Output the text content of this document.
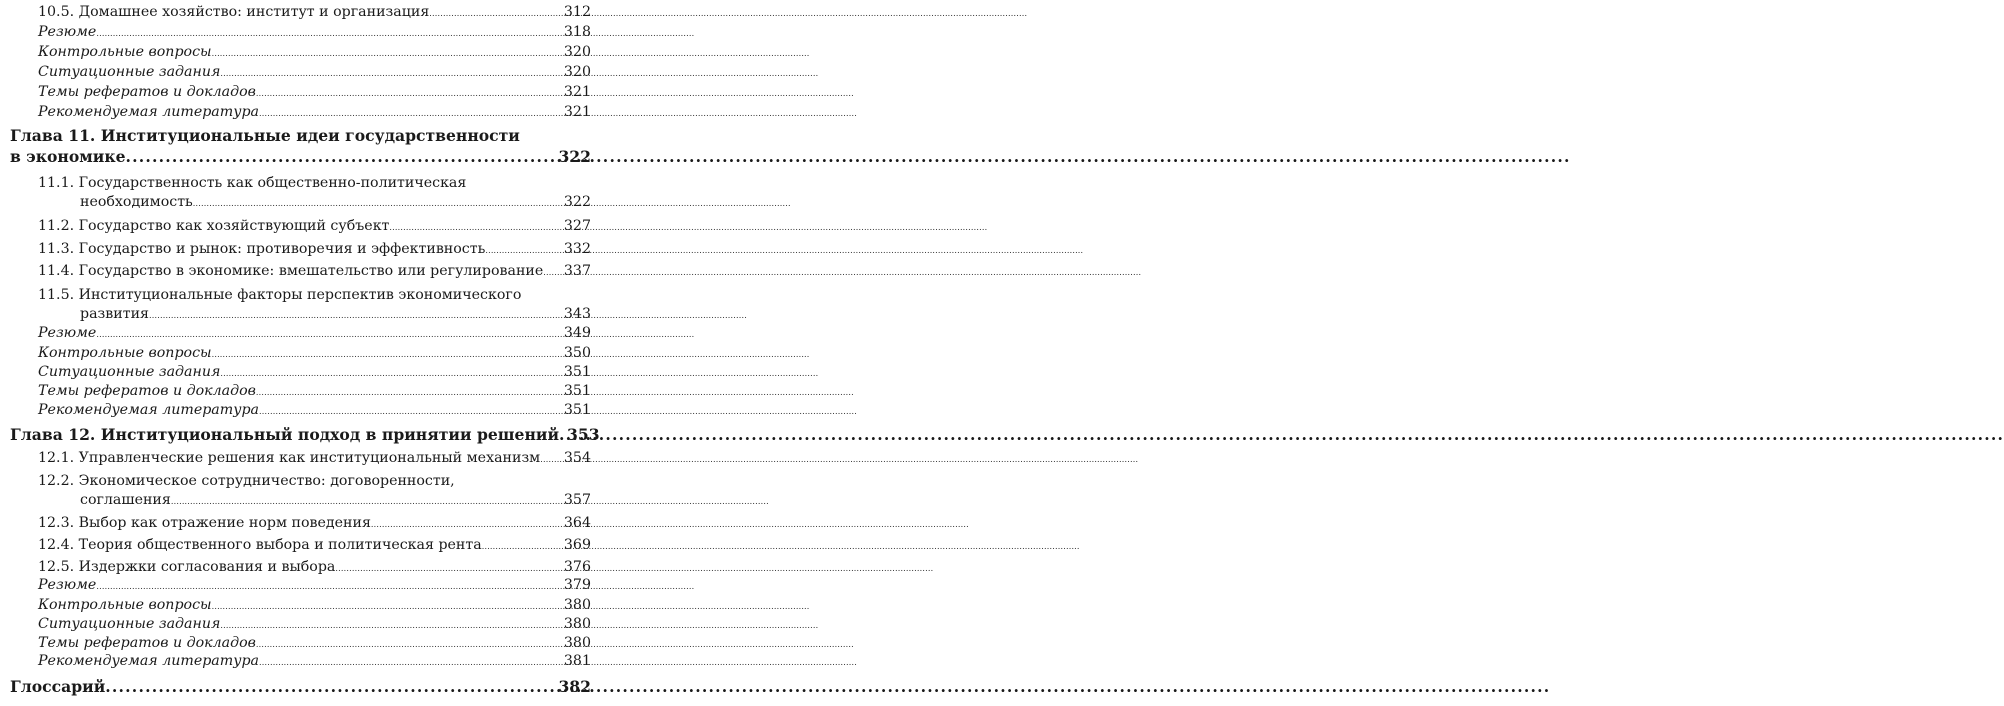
10.5. Домашнее хозяйство: институт и организация .....	312
Резюме .....	318
Контрольные вопросы .....	320
Ситуационные задания .....	320
Темы рефератов и докладов .....	321
Рекомендуемая литература .....	321
Глава 11. Институциональные идеи государственности
в экономике .....	322
11.1. Государственность как общественно-политическая
необходимость .....	322
11.2. Государство как хозяйствующий субъект .....	327
11.3. Государство и рынок: противоречия и эффективность .....	332
11.4. Государство в экономике: вмешательство или регулирование ..... 337
11.5. Институциональные факторы перспектив экономического
развития .....	343
Резюме .....	349
Контрольные вопросы .....	350
Ситуационные задания .....	351
Темы рефератов и докладов .....	351
Рекомендуемая литература .....	351
Глава 12. Институциональный подход в принятии решений ..... 353
12.1. Управленческие решения как институциональный механизм ..... 354
12.2. Экономическое сотрудничество: договоренности,
соглашения .....	357
12.3. Выбор как отражение норм поведения .....	364
12.4. Теория общественного выбора и политическая рента .....	369
12.5. Издержки согласования и выбора .....	376
Резюме .....	379
Контрольные вопросы .....	380
Ситуационные задания .....	380
Темы рефератов и докладов .....	380
Рекомендуемая литература .....	381
Глоссарий .....	382
